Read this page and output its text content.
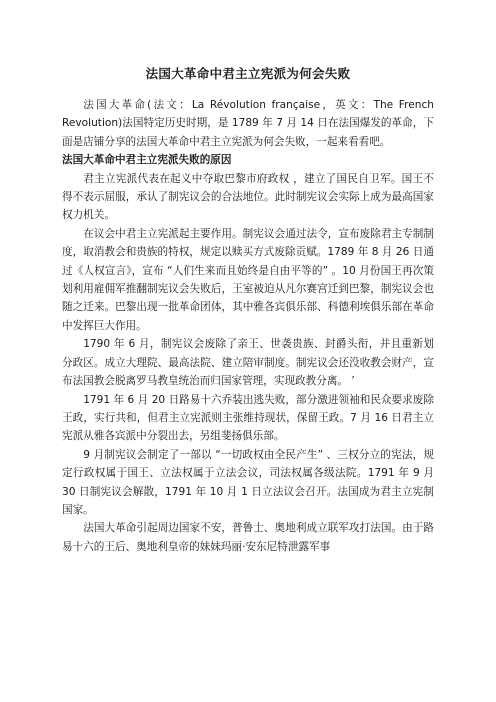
法国大革命中君主立宪派为何会失败

法国大革命(法文：La Révolution française，英文：The French Revolution)法国特定历史时期，是 1789 年 7 月 14 日在法国爆发的革命，下面是店铺分享的法国大革命中君主立宪派为何会失败，一起来看看吧。

法国大革命中君主立宪派失败的原因

君主立宪派代表在起义中夺取巴黎市府政权 ，建立了国民自卫军。国王不得不表示屈服，承认了制宪议会的合法地位。此时制宪议会实际上成为最高国家权力机关。

在议会中君主立宪派起主要作用。制宪议会通过法令，宣布废除君主专制制度，取消教会和贵族的特权，规定以赎买方式废除贡赋。1789 年 8 月 26 日通过《人权宣言》，宣布 “人们生来而且始终是自由平等的” 。10 月份国王再次策划利用雇佣军推翻制宪议会失败后，王室被迫从凡尔赛宫迁到巴黎，制宪议会也随之迁来。巴黎出现一批革命团体，其中雅各宾俱乐部、科德利埃俱乐部在革命中发挥巨大作用。

1790 年 6 月，制宪议会废除了亲王、世袭贵族、封爵头衔，并且重新划分政区。成立大理院、最高法院、建立陪审制度。制宪议会还没收教会财产，宣布法国教会脱离罗马教皇统治而归国家管理，实现政教分离。 ’

1791 年 6 月 20 日路易十六乔装出逃失败，部分激进领袖和民众要求废除王政，实行共和，但君主立宪派则主张维持现状，保留王政。7 月 16 日君主立宪派从雅各宾派中分裂出去，另组斐扬俱乐部。

9 月制宪议会制定了一部以 “一切政权由全民产生” 、三权分立的宪法，规定行政权属于国王、立法权属于立法会议，司法权属各级法院。1791 年 9 月 30 日制宪议会解散，1791 年 10 月 1 日立法议会召开。法国成为君主立宪制国家。

法国大革命引起周边国家不安，普鲁士、奥地利成立联军攻打法国。由于路易十六的王后、奥地利皇帝的妹妹玛丽·安东尼特泄露军事
